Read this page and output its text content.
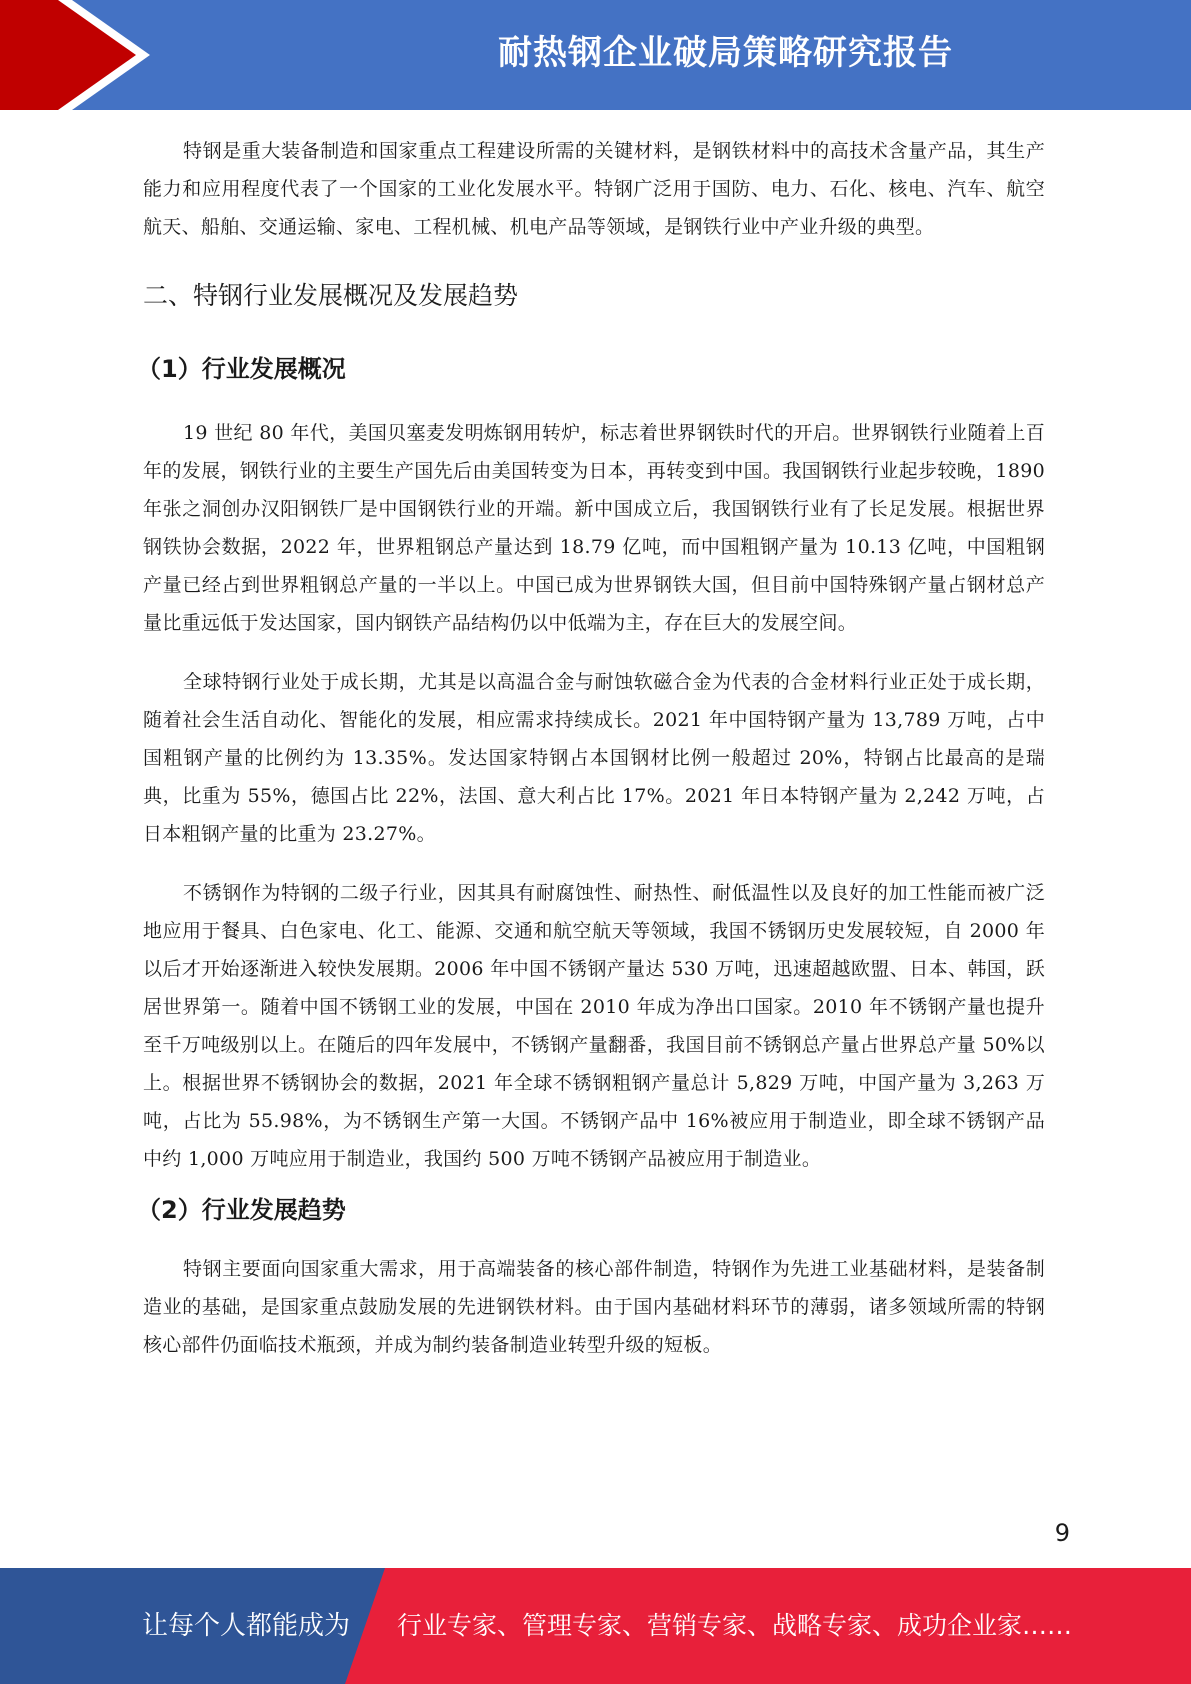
耐热钢企业破局策略研究报告

特钢是重大装备制造和国家重点工程建设所需的关键材料，是钢铁材料中的高技术含量产品，其生产能力和应用程度代表了一个国家的工业化发展水平。特钢广泛用于国防、电力、石化、核电、汽车、航空航天、船舶、交通运输、家电、工程机械、机电产品等领域，是钢铁行业中产业升级的典型。

二、特钢行业发展概况及发展趋势
（1）行业发展概况

19 世纪 80 年代，美国贝塞麦发明炼钢用转炉，标志着世界钢铁时代的开启。世界钢铁行业随着上百年的发展，钢铁行业的主要生产国先后由美国转变为日本，再转变到中国。我国钢铁行业起步较晚，1890 年张之洞创办汉阳钢铁厂是中国钢铁行业的开端。新中国成立后，我国钢铁行业有了长足发展。根据世界钢铁协会数据，2022 年，世界粗钢总产量达到 18.79 亿吨，而中国粗钢产量为 10.13 亿吨，中国粗钢产量已经占到世界粗钢总产量的一半以上。中国已成为世界钢铁大国，但目前中国特殊钢产量占钢材总产量比重远低于发达国家，国内钢铁产品结构仍以中低端为主，存在巨大的发展空间。

全球特钢行业处于成长期，尤其是以高温合金与耐蚀软磁合金为代表的合金材料行业正处于成长期，随着社会生活自动化、智能化的发展，相应需求持续成长。2021 年中国特钢产量为 13,789 万吨，占中国粗钢产量的比例约为 13.35%。发达国家特钢占本国钢材比例一般超过 20%，特钢占比最高的是瑞典，比重为 55%，德国占比 22%，法国、意大利占比 17%。2021 年日本特钢产量为 2,242 万吨，占日本粗钢产量的比重为 23.27%。

不锈钢作为特钢的二级子行业，因其具有耐腐蚀性、耐热性、耐低温性以及良好的加工性能而被广泛地应用于餐具、白色家电、化工、能源、交通和航空航天等领域，我国不锈钢历史发展较短，自 2000 年以后才开始逐渐进入较快发展期。2006 年中国不锈钢产量达 530 万吨，迅速超越欧盟、日本、韩国，跃居世界第一。随着中国不锈钢工业的发展，中国在 2010 年成为净出口国家。2010 年不锈钢产量也提升至千万吨级别以上。在随后的四年发展中，不锈钢产量翻番，我国目前不锈钢总产量占世界总产量 50%以上。根据世界不锈钢协会的数据，2021 年全球不锈钢粗钢产量总计 5,829 万吨，中国产量为 3,263 万吨，占比为 55.98%，为不锈钢生产第一大国。不锈钢产品中 16%被应用于制造业，即全球不锈钢产品中约 1,000 万吨应用于制造业，我国约 500 万吨不锈钢产品被应用于制造业。

（2）行业发展趋势

特钢主要面向国家重大需求，用于高端装备的核心部件制造，特钢作为先进工业基础材料，是装备制造业的基础，是国家重点鼓励发展的先进钢铁材料。由于国内基础材料环节的薄弱，诸多领域所需的特钢核心部件仍面临技术瓶颈，并成为制约装备制造业转型升级的短板。

9
让每个人都能成为 行业专家、管理专家、营销专家、战略专家、成功企业家……
